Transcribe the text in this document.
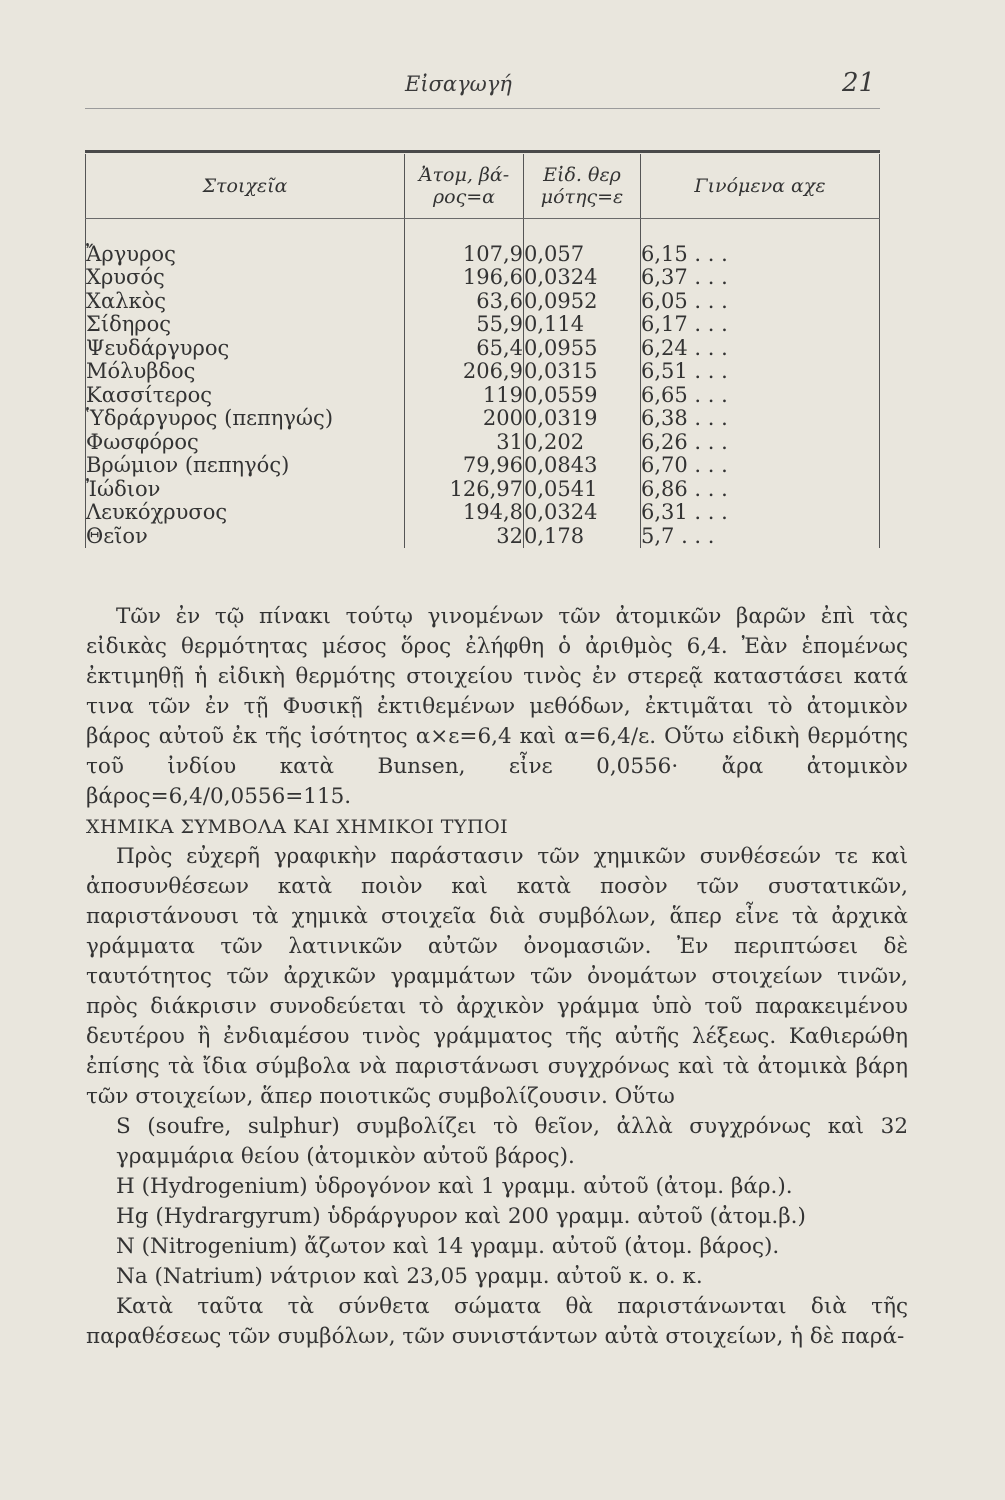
Εἰσαγωγή	21
Στοιχεῖα	Ἀτομ, βά-ρος=α	Εἰδ. θερ μότης=ε	Γινόμενα αχε

Ἄργυρος	107,9	0,057	6,15 . . .
Χρυσός	196,6	0,0324	6,37 . . .
Χαλκὸς	63,6	0,0952	6,05 . . .
Σίδηρος	55,9	0,114	6,17 . . .
Ψευδάργυρος	65,4	0,0955	6,24 . . .
Μόλυβδος	206,9	0,0315	6,51 . . .
Κασσίτερος	119	0,0559	6,65 . . .
Ὑδράργυρος (πεπηγώς)	200	0,0319	6,38 . . .
Φωσφόρος	31	0,202	6,26 . . .
Βρώμιον (πεπηγός)	79,96	0,0843	6,70 . . .
Ἰώδιον	126,97	0,0541	6,86 . . .
Λευκόχρυσος	194,8	0,0324	6,31 . . .
Θεῖον	32	0,178	5,7 . . .

Τῶν ἐν τῷ πίνακι τούτῳ γινομένων τῶν ἀτομικῶν βαρῶν ἐπὶ τὰς εἰδικὰς θερμότητας μέσος ὅρος ἐλήφθη ὁ ἀριθμὸς 6,4. Ἐὰν ἑπομένως ἐκτιμηθῇ ἡ εἰδικὴ θερμότης στοιχείου τινὸς ἐν στερεᾷ καταστάσει κατά τινα τῶν ἐν τῇ Φυσικῇ ἐκτιθεμένων μεθόδων, ἐκτιμᾶται τὸ ἀτομικὸν βάρος αὐτοῦ ἐκ τῆς ἰσότητος α×ε=6,4 καὶ α=6,4/ε. Οὕτω εἰδικὴ θερμότης τοῦ ἰνδίου κατὰ Bunsen, εἶνε 0,0556· ἄρα ἀτομικὸν βάρος=6,4/0,0556=115.

ΧΗΜΙΚΑ ΣΥΜΒΟΛΑ ΚΑΙ ΧΗΜΙΚΟΙ ΤΥΠΟΙ

Πρὸς εὐχερῆ γραφικὴν παράστασιν τῶν χημικῶν συνθέσεών τε καὶ ἀποσυνθέσεων κατὰ ποιὸν καὶ κατὰ ποσὸν τῶν συστατικῶν, παριστάνουσι τὰ χημικὰ στοιχεῖα διὰ συμβόλων, ἅπερ εἶνε τὰ ἀρχικὰ γράμματα τῶν λατινικῶν αὐτῶν ὀνομασιῶν. Ἐν περιπτώσει δὲ ταυτότητος τῶν ἀρχικῶν γραμμάτων τῶν ὀνομάτων στοιχείων τινῶν, πρὸς διάκρισιν συνοδεύεται τὸ ἀρχικὸν γράμμα ὑπὸ τοῦ παρακειμένου δευτέρου ἢ ἐνδιαμέσου τινὸς γράμματος τῆς αὐτῆς λέξεως. Καθιερώθη ἐπίσης τὰ ἴδια σύμβολα νὰ παριστάνωσι συγχρόνως καὶ τὰ ἀτομικὰ βάρη τῶν στοιχείων, ἅπερ ποιοτικῶς συμβολίζουσιν. Οὕτω

S (soufre, sulphur) συμβολίζει τὸ θεῖον, ἀλλὰ συγχρόνως καὶ 32 γραμμάρια θείου (ἀτομικὸν αὐτοῦ βάρος).

H (Hydrogenium) ὑδρογόνον καὶ 1 γραμμ. αὐτοῦ (ἀτομ. βάρ.).

Hg (Hydrargyrum) ὑδράργυρον καὶ 200 γραμμ. αὐτοῦ (ἀτομ.β.)

N (Nitrogenium) ἄζωτον καὶ 14 γραμμ. αὐτοῦ (ἀτομ. βάρος).

Na (Natrium) νάτριον καὶ 23,05 γραμμ. αὐτοῦ κ. ο. κ.

Κατὰ ταῦτα τὰ σύνθετα σώματα θὰ παριστάνωνται διὰ τῆς παραθέσεως τῶν συμβόλων, τῶν συνιστάντων αὐτὰ στοιχείων, ἡ δὲ παρά-
